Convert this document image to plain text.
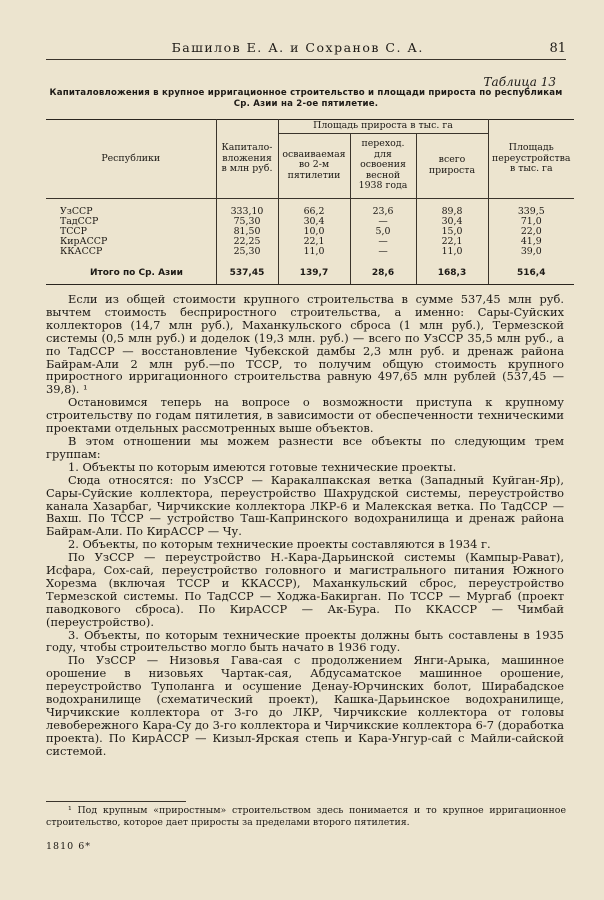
Башилов Е. А. и Сохранов С. А.	81
Таблица 13
Капиталовложения в крупное ирригационное строительство и площади прироста по республикам Ср. Азии на 2-ое пятилетие.
Республики	Капитало-вложения в млн руб.	Площадь прироста в тыс. га			Площадь переустройства в тыс. га
		осваиваемая во 2-м пятилетии	переход. для освоения весной 1938 года	всего прироста	
УзССР	333,10	66,2	23,6	89,8	339,5
ТадССР	75,30	30,4	—	30,4	71,0
ТССР	81,50	10,0	5,0	15,0	22,0
КирАССР	22,25	22,1	—	22,1	41,9
ККАССР	25,30	11,0	—	11,0	39,0
Итого по Ср. Азии	537,45	139,7	28,6	168,3	516,4

Если из общей стоимости крупного строительства в сумме 537,45 млн руб. вычтем стоимость бесприростного строительства, а именно: Сары-Суйских коллекторов (14,7 млн руб.), Маханкульского сброса (1 млн руб.), Термезской системы (0,5 млн руб.) и доделок (19,3 млн. руб.) — всего по УзССР 35,5 млн руб., а по ТадССР — восстановление Чубекской дамбы 2,3 млн руб. и дренаж района Байрам-Али 2 млн руб.—по ТССР, то получим общую стоимость крупного приростного ирригационного строительства равную 497,65 млн рублей (537,45 — 39,8). ¹

Остановимся теперь на вопросе о возможности приступа к крупному строительству по годам пятилетия, в зависимости от обеспеченности техническими проектами отдельных рассмотренных выше объектов.

В этом отношении мы можем разнести все объекты по следующим трем группам:

1. Объекты по которым имеются готовые технические проекты.

Сюда относятся: по УзССР — Каракалпакская ветка (Западный Куйган-Яр), Сары-Суйские коллектора, переустройство Шахрудской системы, переустройство канала Хазарбаг, Чирчикские коллектора ЛКР-6 и Малекская ветка. По ТадССР — Вахш. По ТССР — устройство Таш-Капринского водохранилища и дренаж района Байрам-Али. По КирАССР — Чу.

2. Объекты, по которым технические проекты составляются в 1934 г.

По УзССР — переустройство Н.-Кара-Дарьинской системы (Кампыр-Рават), Исфара, Сох-сай, переустройство головного и магистрального питания Южного Хорезма (включая ТССР и ККАССР), Маханкульский сброс, переустройство Термезской системы. По ТадССР — Ходжа-Бакирган. По ТССР — Мургаб (проект паводкового сброса). По КирАССР — Ак-Бура. По ККАССР — Чимбай (переустройство).

3. Объекты, по которым технические проекты должны быть составлены в 1935 году, чтобы строительство могло быть начато в 1936 году.

По УзССР — Низовья Гава-сая с продолжением Янги-Арыка, машинное орошение в низовьях Чартак-сая, Абдусаматское машинное орошение, переустройство Туполанга и осушение Денау-Юрчинских болот, Ширабадское водохранилище (схематический проект), Кашка-Дарьинское водохранилище, Чирчикские коллектора от 3-го до ЛКР, Чирчикские коллектора от головы левобережного Кара-Су до 3-го коллектора и Чирчикские коллектора 6-7 (доработка проекта). По КирАССР — Кизыл-Ярская степь и Кара-Унгур-сай с Майли-сайской системой.

¹ Под крупным «приростным» строительством здесь понимается и то крупное ирригационное строительство, которое дает приросты за пределами второго пятилетия.

1810 6*
